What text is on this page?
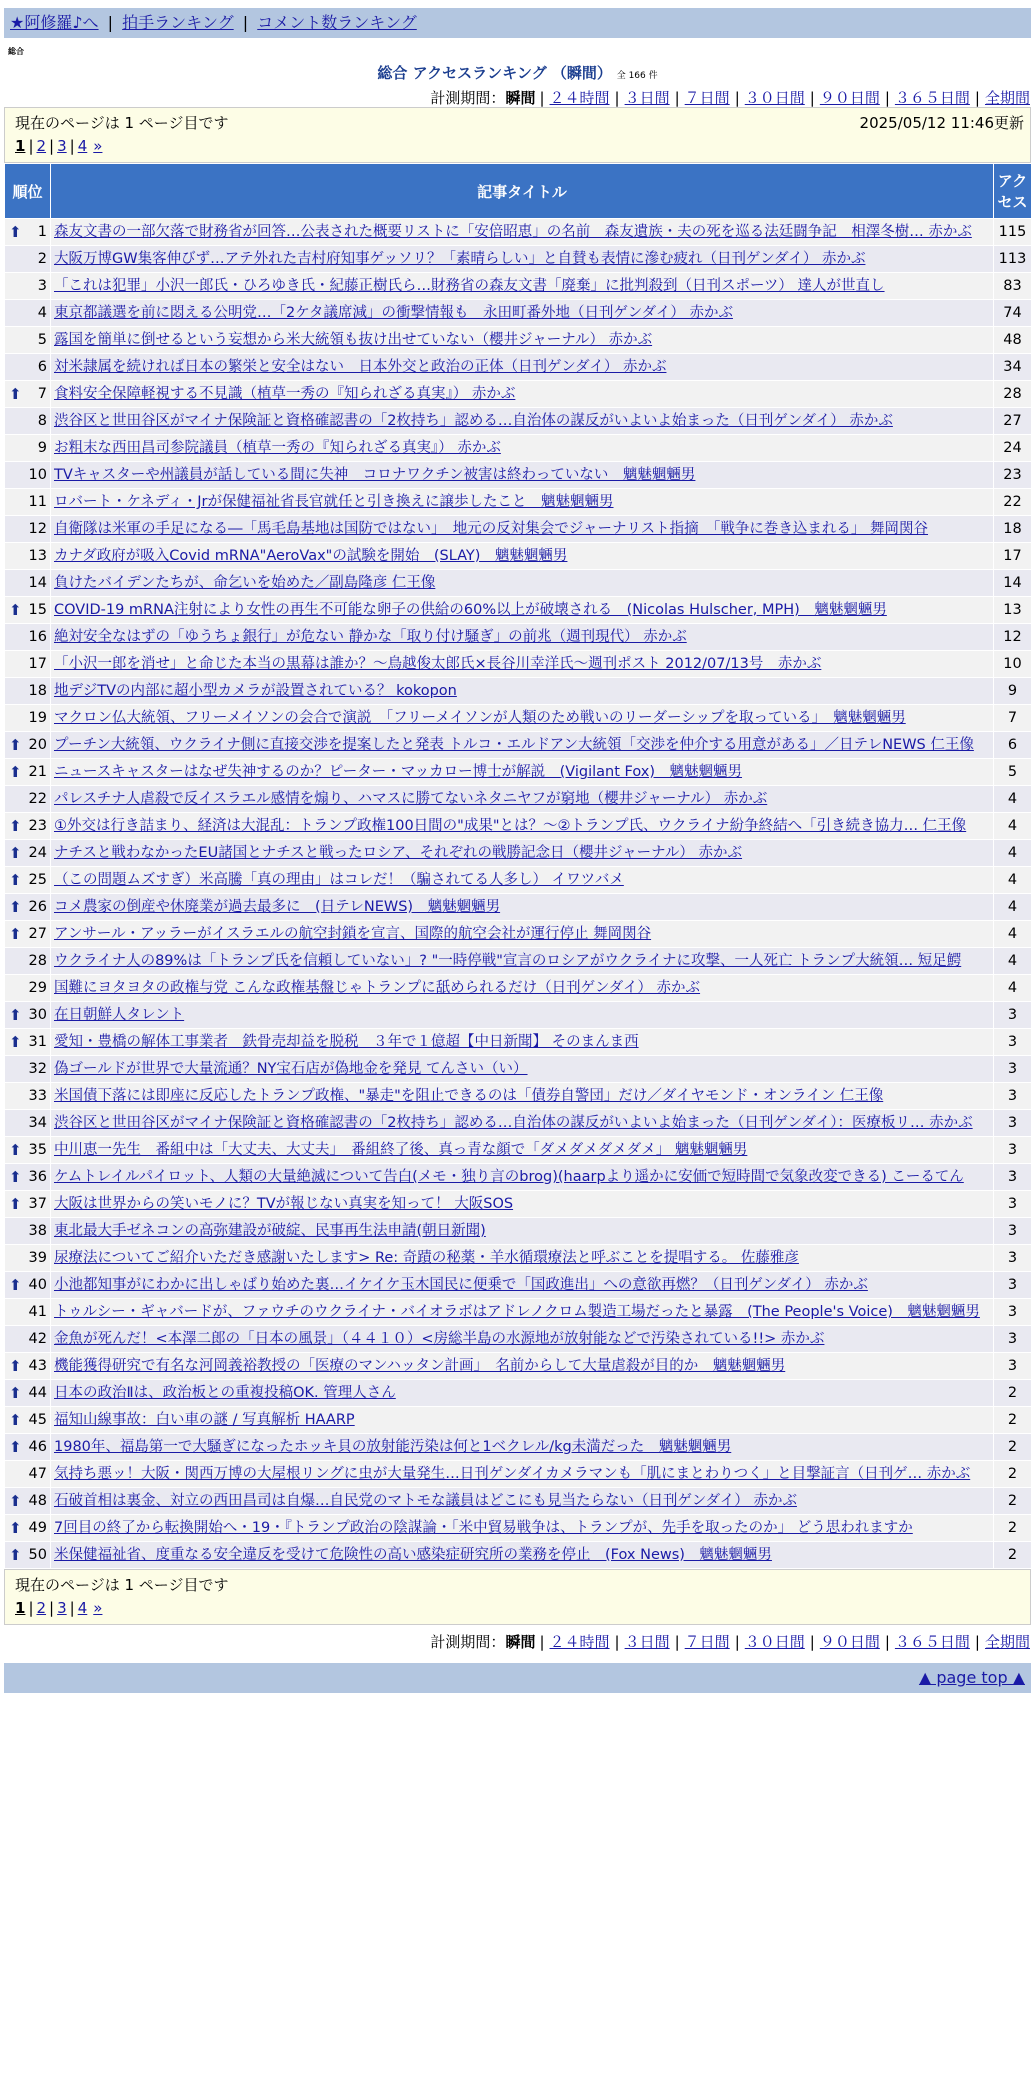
★阿修羅♪へ | 拍手ランキング | コメント数ランキング
総合
総合 アクセスランキング （瞬間） 全 166 件
計測期間：瞬間 | ２４時間 | ３日間 | ７日間 | ３０日間 | ９０日間 | ３６５日間 | 全期間
現在のページは 1 ページ目です	2025/05/12 11:46更新
1 | 2 | 3 | 4 »
順位	記事タイトル	アクセス

⬆ 1	森友文書の一部欠落で財務省が回答…公表された概要リストに「安倍昭恵」の名前　森友遺族・夫の死を巡る法廷闘争記　相澤冬樹… 赤かぶ	115
2	大阪万博GW集客伸びず…アテ外れた吉村府知事ゲッソリ？「素晴らしい」と自賛も表情に滲む疲れ（日刊ゲンダイ） 赤かぶ	113
3	「これは犯罪」小沢一郎氏・ひろゆき氏・紀藤正樹氏ら…財務省の森友文書「廃棄」に批判殺到（日刊スポーツ） 達人が世直し	83
4	東京都議選を前に悶える公明党…「2ケタ議席減」の衝撃情報も　永田町番外地（日刊ゲンダイ） 赤かぶ	74
5	露国を簡単に倒せるという妄想から米大統領も抜け出せていない（櫻井ジャーナル） 赤かぶ	48
6	対米隷属を続ければ日本の繁栄と安全はない　日本外交と政治の正体（日刊ゲンダイ） 赤かぶ	34

⬆ 7	食料安全保障軽視する不見識（植草一秀の『知られざる真実』） 赤かぶ	28
8	渋谷区と世田谷区がマイナ保険証と資格確認書の「2枚持ち」認める…自治体の謀反がいよいよ始まった（日刊ゲンダイ） 赤かぶ	27
9	お粗末な西田昌司参院議員（植草一秀の『知られざる真実』） 赤かぶ	24
10	TVキャスターや州議員が話している間に失神　コロナワクチン被害は終わっていない　魑魅魍魎男	23
11	ロバート・ケネディ・Jrが保健福祉省長官就任と引き換えに譲歩したこと　魑魅魍魎男	22
12	自衛隊は米軍の手足になる―「馬毛島基地は国防ではない」　地元の反対集会でジャーナリスト指摘　「戦争に巻き込まれる」 舞岡関谷	18
13	カナダ政府が吸入Covid mRNA"AeroVax"の試験を開始　(SLAY)　魑魅魍魎男	17
14	負けたバイデンたちが、命乞いを始めた／副島隆彦 仁王像	14

⬆ 15	COVID-19 mRNA注射により女性の再生不可能な卵子の供給の60%以上が破壊される　(Nicolas Hulscher, MPH)　魑魅魍魎男	13
16	絶対安全なはずの「ゆうちょ銀行」が危ない 静かな「取り付け騒ぎ」の前兆（週刊現代） 赤かぶ	12
17	「小沢一郎を消せ」と命じた本当の黒幕は誰か？～鳥越俊太郎氏×長谷川幸洋氏～週刊ポスト 2012/07/13号　赤かぶ	10
18	地デジTVの内部に超小型カメラが設置されている？ kokopon	9
19	マクロン仏大統領、フリーメイソンの会合で演説　「フリーメイソンが人類のため戦いのリーダーシップを取っている」　魑魅魍魎男	7

⬆ 20	プーチン大統領、ウクライナ側に直接交渉を提案したと発表 トルコ・エルドアン大統領「交渉を仲介する用意がある」／日テレNEWS 仁王像	6

⬆ 21	ニュースキャスターはなぜ失神するのか？ピーター・マッカロー博士が解説　(Vigilant Fox)　魑魅魍魎男	5
22	パレスチナ人虐殺で反イスラエル感情を煽り、ハマスに勝てないネタニヤフが窮地（櫻井ジャーナル） 赤かぶ	4

⬆ 23	①外交は行き詰まり、経済は大混乱：トランプ政権100日間の"成果"とは？～②トランプ氏、ウクライナ紛争終結へ「引き続き協力… 仁王像	4

⬆ 24	ナチスと戦わなかったEU諸国とナチスと戦ったロシア、それぞれの戦勝記念日（櫻井ジャーナル） 赤かぶ	4

⬆ 25	（この問題ムズすぎ）米高騰「真の理由」はコレだ！（騙されてる人多し） イワツバメ	4

⬆ 26	コメ農家の倒産や休廃業が過去最多に　(日テレNEWS)　魑魅魍魎男	4

⬆ 27	アンサール・アッラーがイスラエルの航空封鎖を宣言、国際的航空会社が運行停止 舞岡関谷	4
28	ウクライナ人の89%は「トランプ氏を信頼していない」? "一時停戦"宣言のロシアがウクライナに攻撃、一人死亡 トランプ大統領… 短足鰐	4
29	国難にヨタヨタの政権与党 こんな政権基盤じゃトランプに舐められるだけ（日刊ゲンダイ） 赤かぶ	4

⬆ 30	在日朝鮮人タレント	3

⬆ 31	愛知・豊橋の解体工事業者　鉄骨売却益を脱税　３年で１億超【中日新聞】 そのまんま西	3
32	偽ゴールドが世界で大量流通？NY宝石店が偽地金を発見 てんさい（い）	3
33	米国債下落には即座に反応したトランプ政権、"暴走"を阻止できるのは「債券自警団」だけ／ダイヤモンド・オンライン 仁王像	3
34	渋谷区と世田谷区がマイナ保険証と資格確認書の「2枚持ち」認める…自治体の謀反がいよいよ始まった（日刊ゲンダイ）：医療板リ… 赤かぶ	3

⬆ 35	中川恵一先生　番組中は「大丈夫、大丈夫」　番組終了後、真っ青な顔で「ダメダメダメダメ」 魑魅魍魎男	3

⬆ 36	ケムトレイルパイロット、人類の大量絶滅について告白(メモ・独り言のbrog)(haarpより遥かに安価で短時間で気象改変できる) こーるてん	3

⬆ 37	大阪は世界からの笑いモノに？TVが報じない真実を知って！ 大阪SOS	3
38	東北最大手ゼネコンの高弥建設が破綻、民事再生法申請(朝日新聞)	3
39	尿療法についてご紹介いただき感謝いたします> Re: 奇蹟の秘薬・羊水循環療法と呼ぶことを提唱する。 佐藤雅彦	3

⬆ 40	小池都知事がにわかに出しゃばり始めた裏…イケイケ玉木国民に便乗で「国政進出」への意欲再燃？（日刊ゲンダイ） 赤かぶ	3
41	トゥルシー・ギャバードが、ファウチのウクライナ・バイオラボはアドレノクロム製造工場だったと暴露　(The People's Voice)　魑魅魍魎男	3
42	金魚が死んだ！<本澤二郎の「日本の風景」（４４１０）<房総半島の水源地が放射能などで汚染されている!!> 赤かぶ	3

⬆ 43	機能獲得研究で有名な河岡義裕教授の「医療のマンハッタン計画」　名前からして大量虐殺が目的か　魑魅魍魎男	3

⬆ 44	日本の政治Ⅱは、政治板との重複投稿OK. 管理人さん	2

⬆ 45	福知山線事故：白い車の謎 / 写真解析 HAARP	2

⬆ 46	1980年、福島第一で大騒ぎになったホッキ貝の放射能汚染は何と1ベクレル/kg未満だった　魑魅魍魎男	2
47	気持ち悪ッ！大阪・関西万博の大屋根リングに虫が大量発生…日刊ゲンダイカメラマンも「肌にまとわりつく」と目撃証言（日刊ゲ… 赤かぶ	2

⬆ 48	石破首相は裏金、対立の西田昌司は自爆…自民党のマトモな議員はどこにも見当たらない（日刊ゲンダイ） 赤かぶ	2

⬆ 49	7回目の終了から転換開始へ・19・『トランプ政治の陰謀論・「米中貿易戦争は、トランプが、先手を取ったのか」 どう思われますか	2

⬆ 50	米保健福祉省、度重なる安全違反を受けて危険性の高い感染症研究所の業務を停止　(Fox News)　魑魅魍魎男	2
現在のページは 1 ページ目です
1 | 2 | 3 | 4 »
計測期間：瞬間 | ２４時間 | ３日間 | ７日間 | ３０日間 | ９０日間 | ３６５日間 | 全期間
▲ page top ▲
